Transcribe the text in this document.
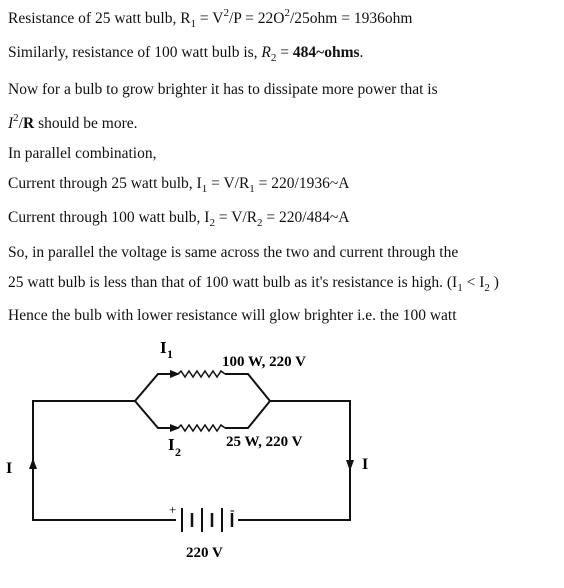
Resistance of 25 watt bulb, $R_1 = V^2/P = 22O^2/25ohm = 1936ohm$
Similarly, resistance of 100 watt bulb is, $R_2$ = 484~ohms.
Now for a bulb to grow brighter it has to dissipate more power that is
$I^2/R$ should be more.
In parallel combination,
Current through 25 watt bulb, $I_1 = V/R_1$ = 220/1936~A
Current through 100 watt bulb, $I_2 = V/R_2$ = 220/484~A
So, in parallel the voltage is same across the two and current through the
25 watt bulb is less than that of 100 watt bulb as it's resistance is high. ($I_1 < I_2$ )
Hence the bulb with lower resistance will glow brighter i.e. the 100 watt
I 1	100 W, 220 V
I 2
25 W, 220 V
I	I
+	-
220 V
